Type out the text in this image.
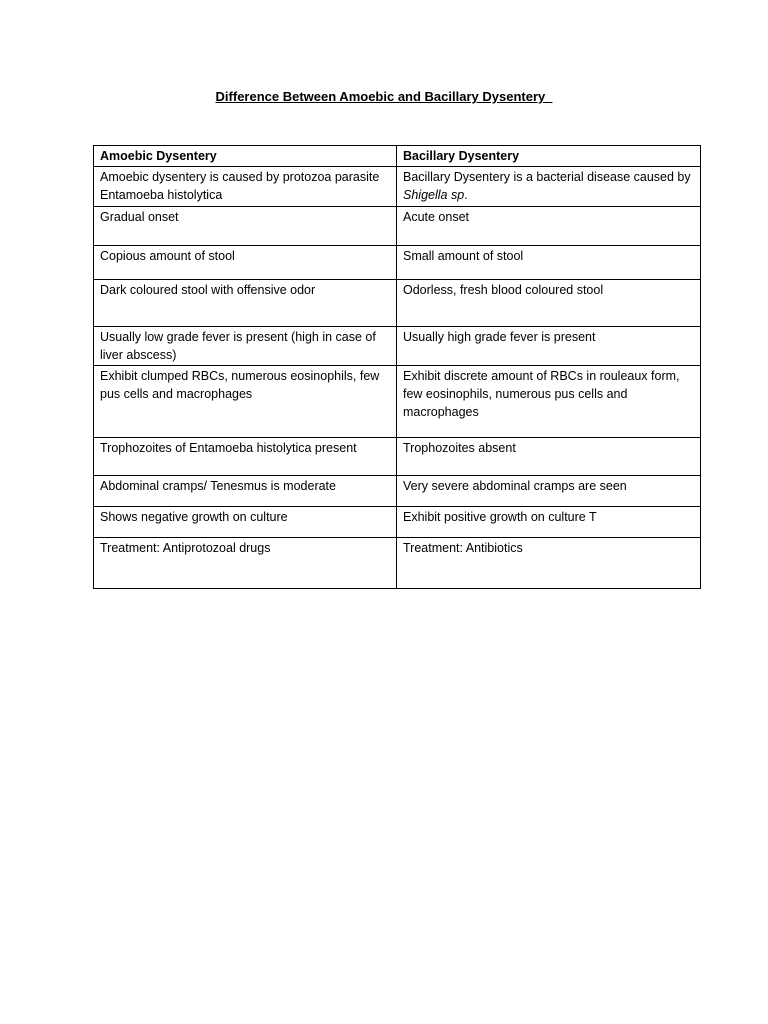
Difference Between Amoebic and Bacillary Dysentery
Amoebic Dysentery	Bacillary Dysentery
Amoebic dysentery is caused by protozoa parasite Entamoeba histolytica	Bacillary Dysentery is a bacterial disease caused by Shigella sp.
Gradual onset	Acute onset
Copious amount of stool	Small amount of stool
Dark coloured stool with offensive odor	Odorless, fresh blood coloured stool
Usually low grade fever is present (high in case of liver abscess)	Usually high grade fever is present
Exhibit clumped RBCs, numerous eosinophils, few pus cells and macrophages	Exhibit discrete amount of RBCs in rouleaux form, few eosinophils, numerous pus cells and macrophages
Trophozoites of Entamoeba histolytica present	Trophozoites absent
Abdominal cramps/ Tenesmus is moderate	Very severe abdominal cramps are seen
Shows negative growth on culture	Exhibit positive growth on culture T
Treatment: Antiprotozoal drugs	Treatment: Antibiotics
